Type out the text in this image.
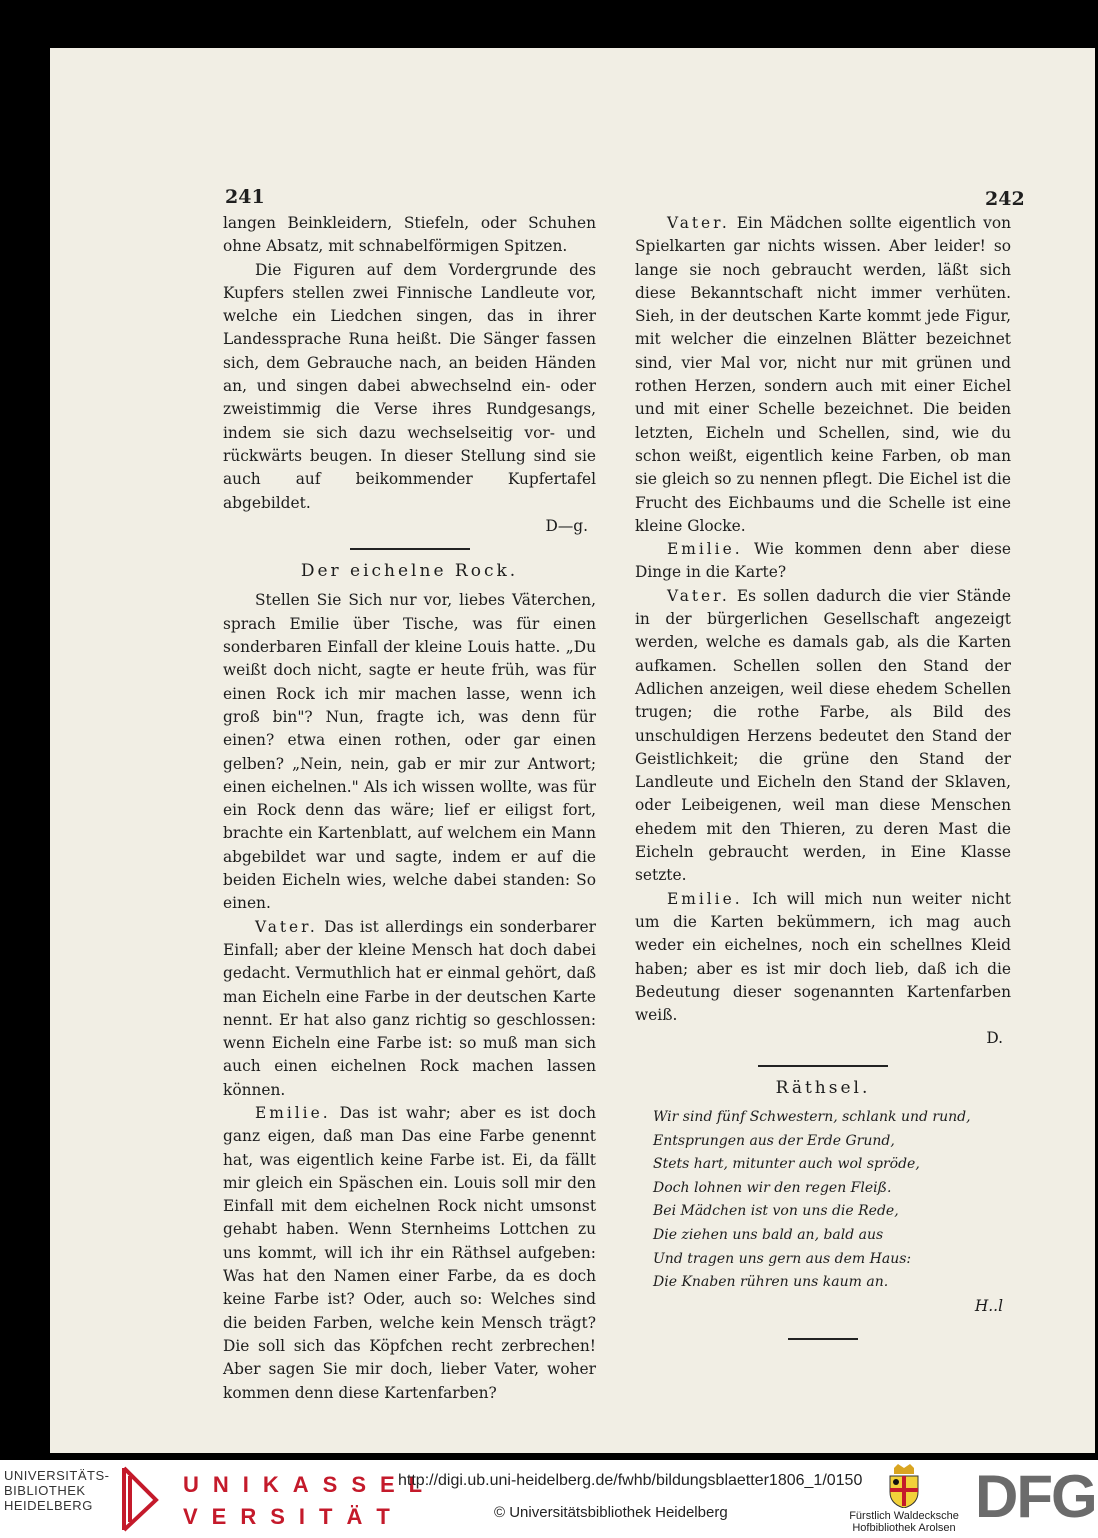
241	242

langen Beinkleidern, Stiefeln, oder Schuhen ohne Absatz, mit schnabelförmigen Spitzen.

Die Figuren auf dem Vordergrunde des Kupfers stellen zwei Finnische Landleute vor, welche ein Liedchen singen, das in ihrer Landessprache Runa heißt. Die Sänger fassen sich, dem Gebrauche nach, an beiden Händen an, und singen dabei abwechselnd ein- oder zweistimmig die Verse ihres Rundgesangs, indem sie sich dazu wechselseitig vor- und rückwärts beugen. In dieser Stellung sind sie auch auf beikommender Kupfertafel abgebildet.

D—g.

Der eichelne Rock.

Stellen Sie Sich nur vor, liebes Väterchen, sprach Emilie über Tische, was für einen sonderbaren Einfall der kleine Louis hatte. „Du weißt doch nicht, sagte er heute früh, was für einen Rock ich mir machen lasse, wenn ich groß bin"? Nun, fragte ich, was denn für einen? etwa einen rothen, oder gar einen gelben? „Nein, nein, gab er mir zur Antwort; einen eichelnen." Als ich wissen wollte, was für ein Rock denn das wäre; lief er eiligst fort, brachte ein Kartenblatt, auf welchem ein Mann abgebildet war und sagte, indem er auf die beiden Eicheln wies, welche dabei standen: So einen.

Vater. Das ist allerdings ein sonderbarer Einfall; aber der kleine Mensch hat doch dabei gedacht. Vermuthlich hat er einmal gehört, daß man Eicheln eine Farbe in der deutschen Karte nennt. Er hat also ganz richtig so geschlossen: wenn Eicheln eine Farbe ist: so muß man sich auch einen eichelnen Rock machen lassen können.

Emilie. Das ist wahr; aber es ist doch ganz eigen, daß man Das eine Farbe genennt hat, was eigentlich keine Farbe ist. Ei, da fällt mir gleich ein Späschen ein. Louis soll mir den Einfall mit dem eichelnen Rock nicht umsonst gehabt haben. Wenn Sternheims Lottchen zu uns kommt, will ich ihr ein Räthsel aufgeben: Was hat den Namen einer Farbe, da es doch keine Farbe ist? Oder, auch so: Welches sind die beiden Farben, welche kein Mensch trägt? Die soll sich das Köpfchen recht zerbrechen! Aber sagen Sie mir doch, lieber Vater, woher kommen denn diese Kartenfarben?

Vater. Ein Mädchen sollte eigentlich von Spielkarten gar nichts wissen. Aber leider! so lange sie noch gebraucht werden, läßt sich diese Bekanntschaft nicht immer verhüten. Sieh, in der deutschen Karte kommt jede Figur, mit welcher die einzelnen Blätter bezeichnet sind, vier Mal vor, nicht nur mit grünen und rothen Herzen, sondern auch mit einer Eichel und mit einer Schelle bezeichnet. Die beiden letzten, Eicheln und Schellen, sind, wie du schon weißt, eigentlich keine Farben, ob man sie gleich so zu nennen pflegt. Die Eichel ist die Frucht des Eichbaums und die Schelle ist eine kleine Glocke.

Emilie. Wie kommen denn aber diese Dinge in die Karte?

Vater. Es sollen dadurch die vier Stände in der bürgerlichen Gesellschaft angezeigt werden, welche es damals gab, als die Karten aufkamen. Schellen sollen den Stand der Adlichen anzeigen, weil diese ehedem Schellen trugen; die rothe Farbe, als Bild des unschuldigen Herzens bedeutet den Stand der Geistlichkeit; die grüne den Stand der Landleute und Eicheln den Stand der Sklaven, oder Leibeigenen, weil man diese Menschen ehedem mit den Thieren, zu deren Mast die Eicheln gebraucht werden, in Eine Klasse setzte.

Emilie. Ich will mich nun weiter nicht um die Karten bekümmern, ich mag auch weder ein eichelnes, noch ein schellnes Kleid haben; aber es ist mir doch lieb, daß ich die Bedeutung dieser sogenannten Kartenfarben weiß.

D.

Räthsel.
Wir sind fünf Schwestern, schlank und rund,
Entsprungen aus der Erde Grund,
Stets hart, mitunter auch wol spröde,
Doch lohnen wir den regen Fleiß.
Bei Mädchen ist von uns die Rede,
Die ziehen uns bald an, bald aus
Und tragen uns gern aus dem Haus:
Die Knaben rühren uns kaum an.

H..l

UNIVERSITÄTS-
BIBLIOTHEK
HEIDELBERG
UNIKASSEL
VERSITÄT
http://digi.ub.uni-heidelberg.de/fwhb/bildungsblaetter1806_1/0150
© Universitätsbibliothek Heidelberg	Fürstlich Waldecksche
Hofbibliothek Arolsen DFG
